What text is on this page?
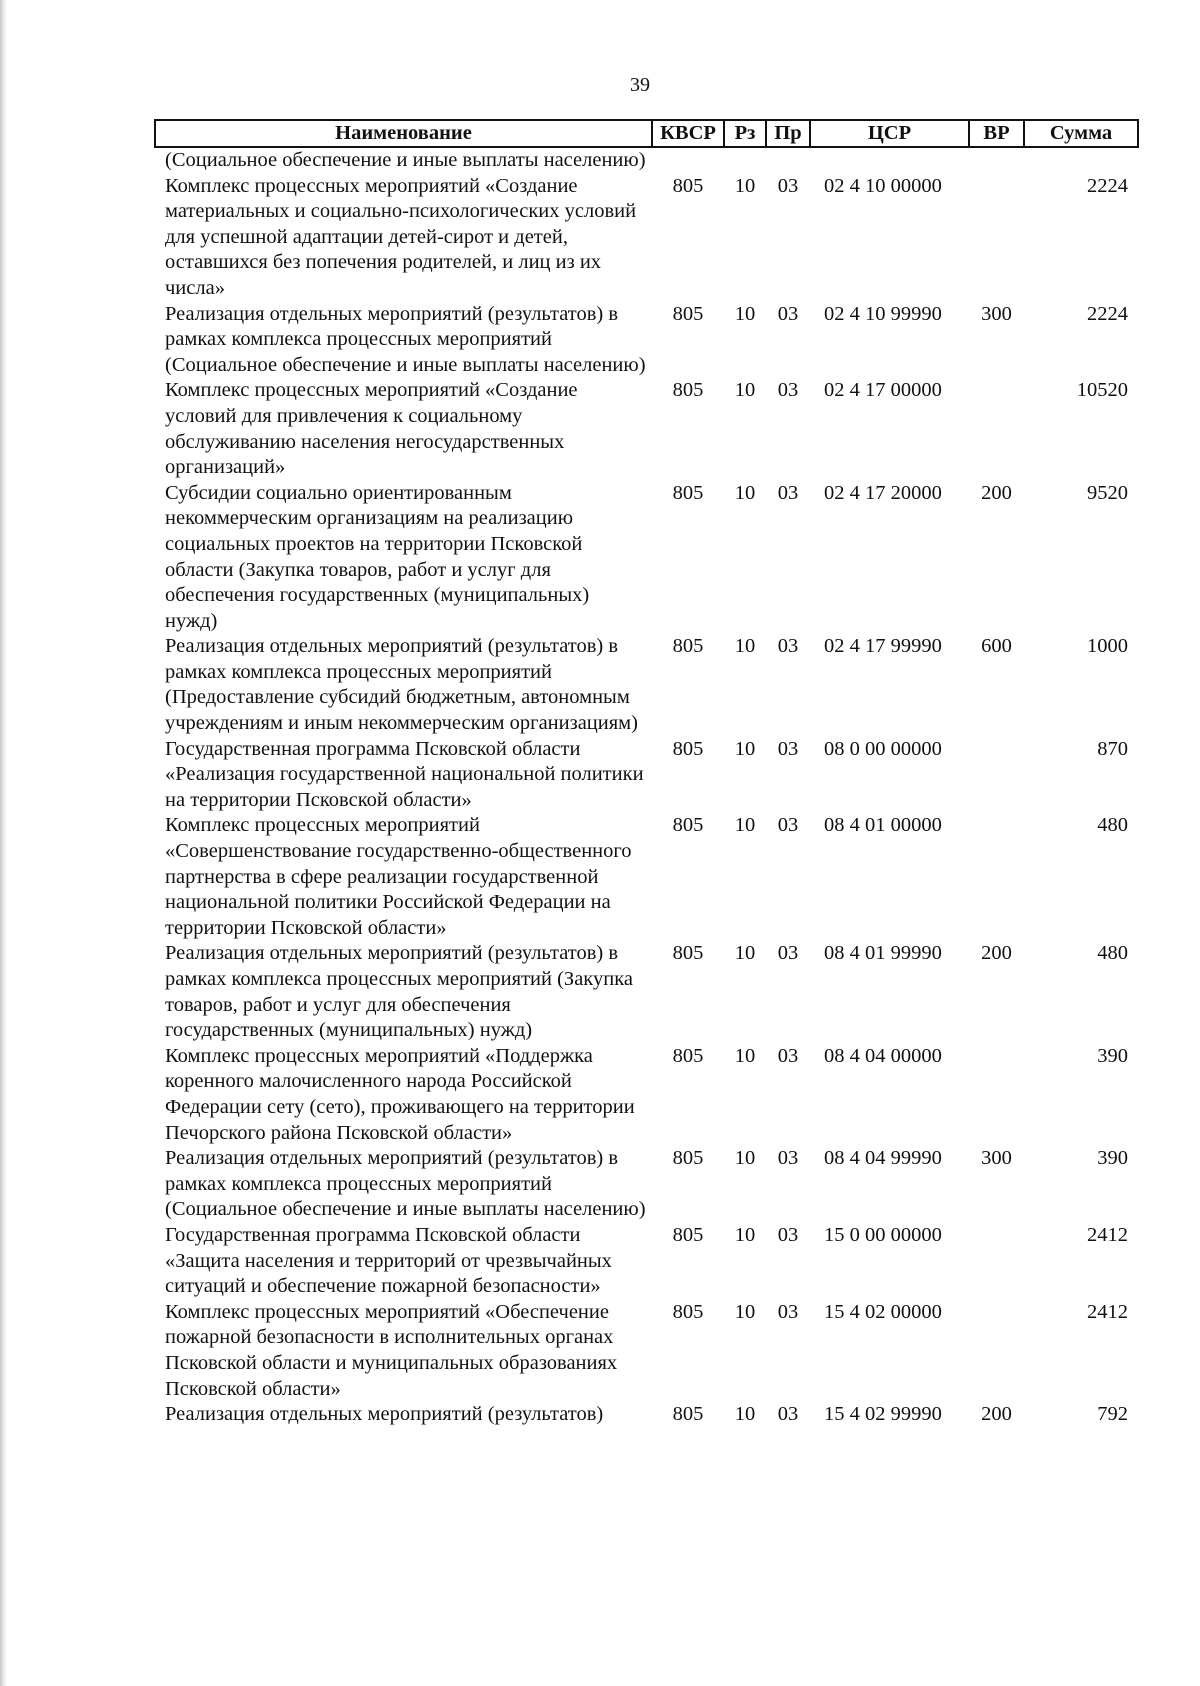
39
Наименование	КВСР	Рз	Пр	ЦСР	ВР	Сумма
(Социальное обеспечение и иные выплаты населению)						
Комплекс процессных мероприятий «Создание материальных и социально-психологических условий для успешной адаптации детей-сирот и детей, оставшихся без попечения родителей, и лиц из их числа»	805	10	03	02 4 10 00000		2224
Реализация отдельных мероприятий (результатов) в рамках комплекса процессных мероприятий (Социальное обеспечение и иные выплаты населению)	805	10	03	02 4 10 99990	300	2224
Комплекс процессных мероприятий «Создание условий для привлечения к социальному обслуживанию населения негосударственных организаций»	805	10	03	02 4 17 00000		10520
Субсидии социально ориентированным некоммерческим организациям на реализацию социальных проектов на территории Псковской области (Закупка товаров, работ и услуг для обеспечения государственных (муниципальных) нужд)	805	10	03	02 4 17 20000	200	9520
Реализация отдельных мероприятий (результатов) в рамках комплекса процессных мероприятий (Предоставление субсидий бюджетным, автономным учреждениям и иным некоммерческим организациям)	805	10	03	02 4 17 99990	600	1000
Государственная программа Псковской области «Реализация государственной национальной политики на территории Псковской области»	805	10	03	08 0 00 00000		870
Комплекс процессных мероприятий «Совершенствование государственно-общественного партнерства в сфере реализации государственной национальной политики Российской Федерации на территории Псковской области»	805	10	03	08 4 01 00000		480
Реализация отдельных мероприятий (результатов) в рамках комплекса процессных мероприятий (Закупка товаров, работ и услуг для обеспечения государственных (муниципальных) нужд)	805	10	03	08 4 01 99990	200	480
Комплекс процессных мероприятий «Поддержка коренного малочисленного народа Российской Федерации сету (сето), проживающего на территории Печорского района Псковской области»	805	10	03	08 4 04 00000		390
Реализация отдельных мероприятий (результатов) в рамках комплекса процессных мероприятий (Социальное обеспечение и иные выплаты населению)	805	10	03	08 4 04 99990	300	390
Государственная программа Псковской области «Защита населения и территорий от чрезвычайных ситуаций и обеспечение пожарной безопасности»	805	10	03	15 0 00 00000		2412
Комплекс процессных мероприятий «Обеспечение пожарной безопасности в исполнительных органах Псковской области и муниципальных образованиях Псковской области»	805	10	03	15 4 02 00000		2412
Реализация отдельных мероприятий (результатов)	805	10	03	15 4 02 99990	200	792
